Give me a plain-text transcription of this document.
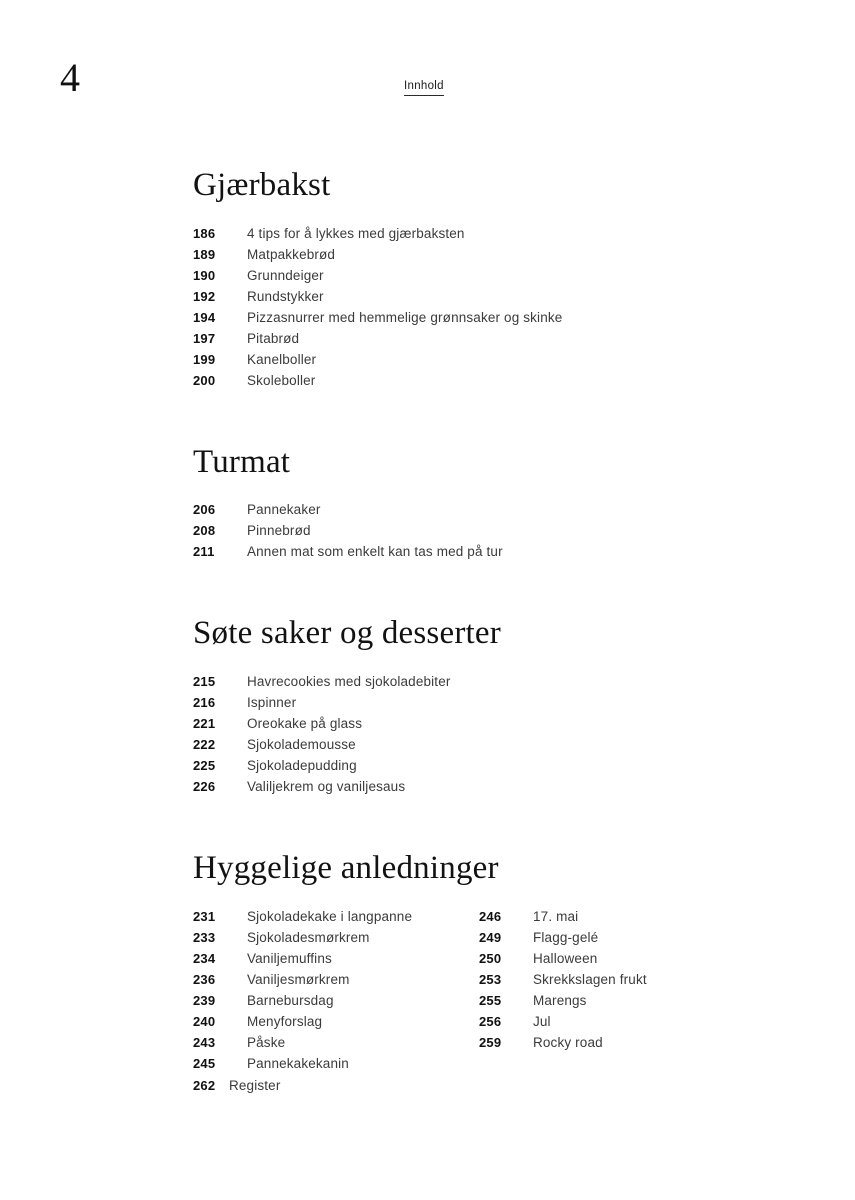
4	Innhold
Gjærbakst
186	4 tips for å lykkes med gjærbaksten
189	Matpakkebrød
190	Grunndeiger
192	Rundstykker
194	Pizzasnurrer med hemmelige grønnsaker og skinke
197	Pitabrød
199	Kanelboller
200	Skoleboller
Turmat
206	Pannekaker
208	Pinnebrød
211	Annen mat som enkelt kan tas med på tur
Søte saker og desserter
215	Havrecookies med sjokoladebiter
216	Ispinner
221	Oreokake på glass
222	Sjokolademousse
225	Sjokoladepudding
226	Valiljekrem og vaniljesaus
Hyggelige anledninger
231	Sjokoladekake i langpanne
233	Sjokoladesmørkrem
234	Vaniljemuffins
236	Vaniljesmørkrem
239	Barnebursdag
240	Menyforslag
243	Påske
245	Pannekakekanin
246	17. mai
249	Flagg-gelé
250	Halloween
253	Skrekkslagen frukt
255	Marengs
256	Jul
259	Rocky road
262	Register
